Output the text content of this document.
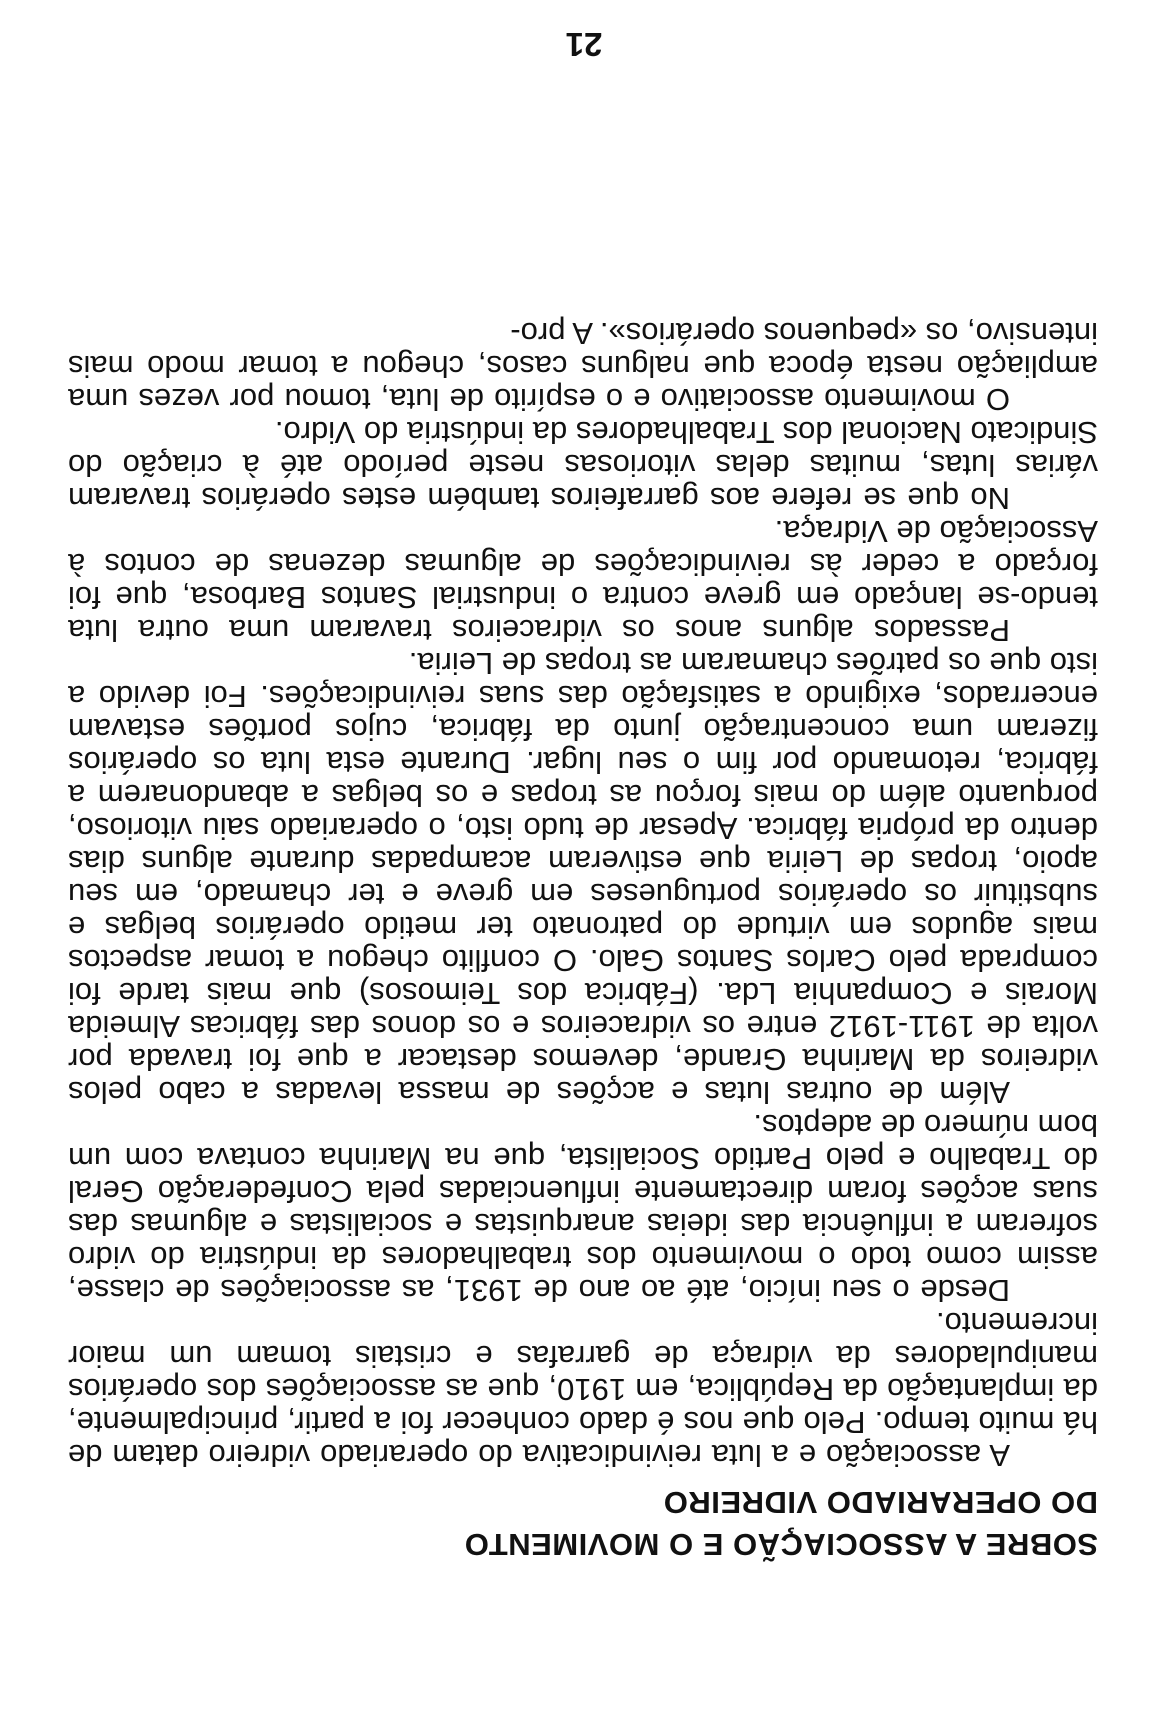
SOBRE A ASSOCIAÇÃO E O MOVIMENTO
DO OPERARIADO VIDREIRO

A associação e a luta reivindicativa do operariado vidreiro datam de há muito tempo. Pelo que nos é dado conhecer foi a partir, principalmente, da implantação da República, em 1910, que as associações dos operários manipuladores da vidraça de garrafas e cristais tomam um maior incremento.

Desde o seu início, até ao ano de 1931, as associações de classe, assim como todo o movimento dos trabalhadores da indústria do vidro sofreram a influência das ideias anarquistas e socialistas e algumas das suas acções foram directamente influenciadas pela Confederação Geral do Trabalho e pelo Partido Socialista, que na Marinha contava com um bom número de adeptos.

Além de outras lutas e acções de massa levadas a cabo pelos vidreiros da Marinha Grande, devemos destacar a que foi travada por volta de 1911-1912 entre os vidraceiros e os donos das fábricas Almeida Morais e Companhia Lda. (Fábrica dos Teimosos) que mais tarde foi comprada pelo Carlos Santos Galo. O conflito chegou a tomar aspectos mais agudos em virtude do patronato ter metido operários belgas e substituir os operários portugueses em greve e ter chamado, em seu apoio, tropas de Leiria que estiveram acampadas durante alguns dias dentro da própria fábrica. Apesar de tudo isto, o operariado saiu vitorioso, porquanto além do mais forçou as tropas e os belgas a abandonarem a fábrica, retomando por fim o seu lugar. Durante esta luta os operários fizeram uma concentração junto da fábrica, cujos portões estavam encerrados, exigindo a satisfação das suas reivindicações. Foi devido a isto que os patrões chamaram as tropas de Leiria.

Passados alguns anos os vidraceiros travaram uma outra luta tendo-se lançado em greve contra o industrial Santos Barbosa, que foi forçado a ceder às reivindicações de algumas dezenas de contos à Associação de Vidraça.

No que se refere aos garrafeiros também estes operários travaram várias lutas, muitas delas vitoriosas neste período até à criação do Sindicato Nacional dos Trabalhadores da indústria do Vidro.

O movimento associativo e o espírito de luta, tomou por vezes uma ampliação nesta época que nalguns casos, chegou a tomar modo mais intensivo, os «pequenos operários». A pro-

21
